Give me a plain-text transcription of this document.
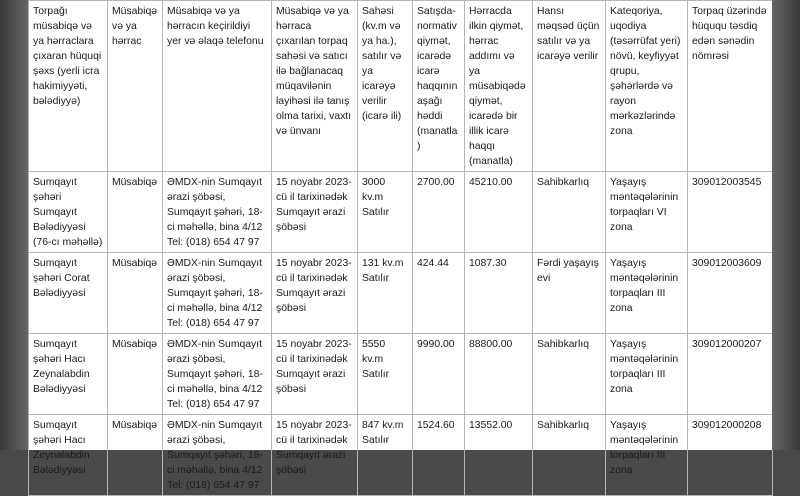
Torpağı müsabiqə və ya hərraclara çıxaran hüquqi şəxs (yerli icra hakimiyyəti, bələdiyyə)	Müsabiqə və ya hərrac	Müsabiqə və ya hərracın keçirildiyi yer və əlaqə telefonu	Müsabiqə və ya hərraca çıxarılan torpaq sahəsi və satıcı ilə bağlanacaq müqavilənin layihəsi ilə tanış olma tarixi, vaxtı və ünvanı	Sahəsi (kv.m və ya ha.), satılır və ya icarəyə verilir (icarə ili)	Satışda-normativ qiymət, icarədə icarə haqqının aşağı həddi (manatla)	Hərracda ilkin qiymət, hərrac addımı və ya müsabiqədə qiymət, icarədə bir illik icarə haqqı (manatla)	Hansı məqsəd üçün satılır və ya icarəyə verilir	Kateqoriya, uqodiya (təsərrüfat yeri) növü, keyfiyyət qrupu, şəhərlərdə və rayon mərkəzlərində zona	Torpaq üzərində hüququ təsdiq edən sənədin nömrəsi
Sumqayıt şəhəri Sumqayıt Bələdiyyəsi (76-cı məhəllə)	Müsabiqə	ƏMDX-nin Sumqayıt ərazi şöbəsi, Sumqayıt şəhəri, 18-ci məhəllə, bina 4/12 Tel: (018) 654 47 97	15 noyabr 2023-cü il tarixinədək Sumqayıt ərazi şöbəsi	3000 kv.m Satılır	2700.00	45210.00	Sahibkarlıq	Yaşayış məntəqələrinin torpaqları VI zona	309012003545
Sumqayıt şəhəri Corat Bələdiyyəsi	Müsabiqə	ƏMDX-nin Sumqayıt ərazi şöbəsi, Sumqayıt şəhəri, 18-ci məhəllə, bina 4/12 Tel: (018) 654 47 97	15 noyabr 2023-cü il tarixinədək Sumqayıt ərazi şöbəsi	131 kv.m Satılır	424.44	1087.30	Fərdi yaşayış evi	Yaşayış məntəqələrinin torpaqları III zona	309012003609
Sumqayıt şəhəri Hacı Zeynalabdin Bələdiyyəsi	Müsabiqə	ƏMDX-nin Sumqayıt ərazi şöbəsi, Sumqayıt şəhəri, 18-ci məhəllə, bina 4/12 Tel: (018) 654 47 97	15 noyabr 2023-cü il tarixinədək Sumqayıt ərazi şöbəsi	5550 kv.m Satılır	9990.00	88800.00	Sahibkarlıq	Yaşayış məntəqələrinin torpaqları III zona	309012000207
Sumqayıt şəhəri Hacı Zeynalabdin Bələdiyyəsi	Müsabiqə	ƏMDX-nin Sumqayıt ərazi şöbəsi, Sumqayıt şəhəri, 18-ci məhəllə, bina 4/12 Tel: (018) 654 47 97	15 noyabr 2023-cü il tarixinədək Sumqayıt ərazi şöbəsi	847 kv.m Satılır	1524.60	13552.00	Sahibkarlıq	Yaşayış məntəqələrinin torpaqları III zona	309012000208
